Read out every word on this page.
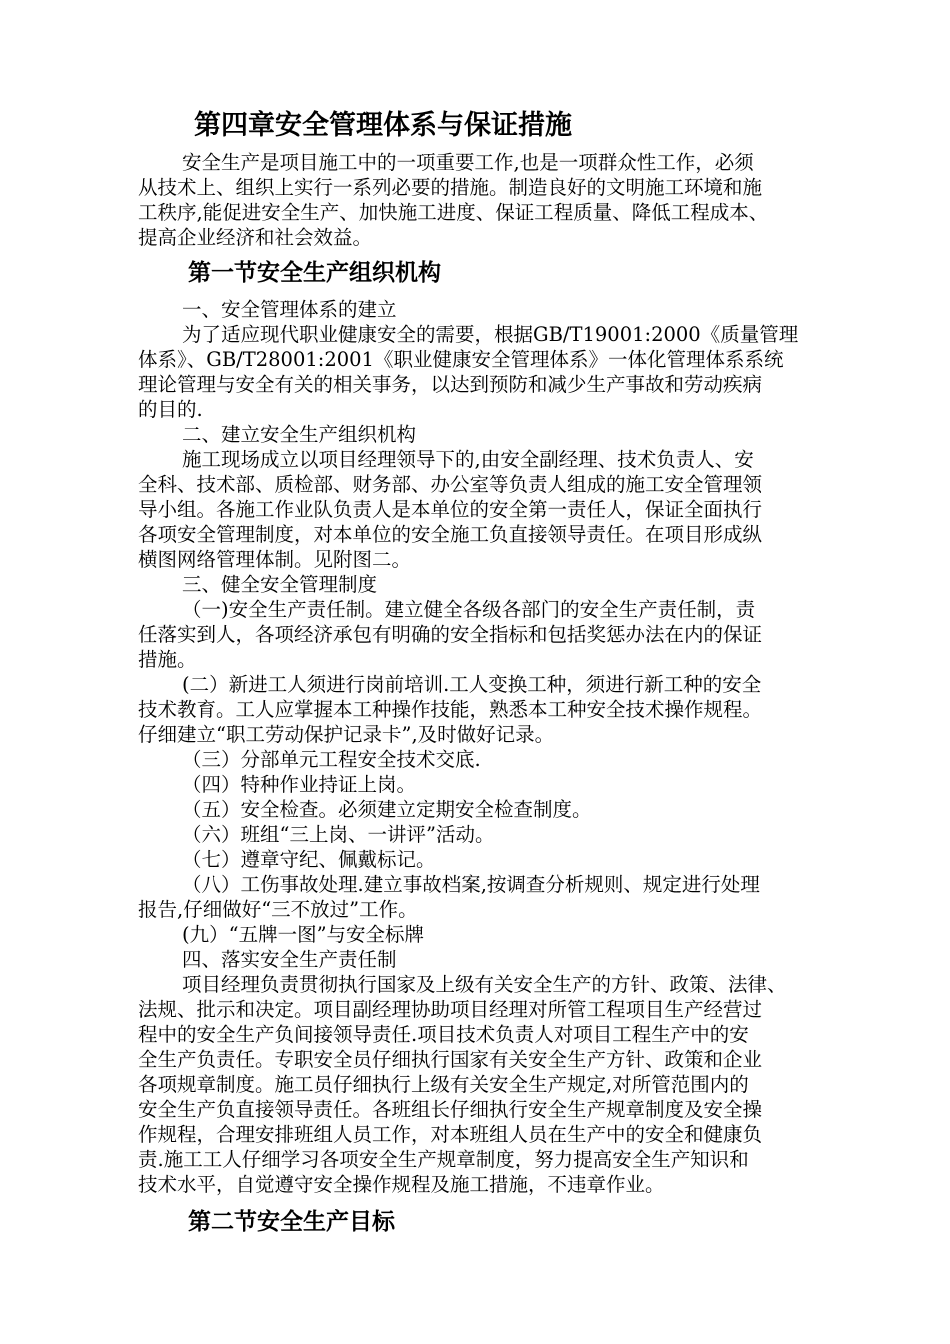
第四章安全管理体系与保证措施

安全生产是项目施工中的一项重要工作,也是一项群众性工作，必须

从技术上、组织上实行一系列必要的措施。制造良好的文明施工环境和施

工秩序,能促进安全生产、加快施工进度、保证工程质量、降低工程成本、

提高企业经济和社会效益。

第一节安全生产组织机构

一、安全管理体系的建立

为了适应现代职业健康安全的需要，根据GB/T19001:2000《质量管理

体系》、GB/T28001:2001《职业健康安全管理体系》一体化管理体系系统

理论管理与安全有关的相关事务，以达到预防和减少生产事故和劳动疾病

的目的.

二、建立安全生产组织机构

施工现场成立以项目经理领导下的,由安全副经理、技术负责人、安

全科、技术部、质检部、财务部、办公室等负责人组成的施工安全管理领

导小组。各施工作业队负责人是本单位的安全第一责任人，保证全面执行

各项安全管理制度，对本单位的安全施工负直接领导责任。在项目形成纵

横图网络管理体制。见附图二。

三、健全安全管理制度

（一)安全生产责任制。建立健全各级各部门的安全生产责任制，责

任落实到人，各项经济承包有明确的安全指标和包括奖惩办法在内的保证

措施。

(二）新进工人须进行岗前培训.工人变换工种，须进行新工种的安全

技术教育。工人应掌握本工种操作技能，熟悉本工种安全技术操作规程。

仔细建立“职工劳动保护记录卡”,及时做好记录。

（三）分部单元工程安全技术交底.

（四）特种作业持证上岗。

（五）安全检查。必须建立定期安全检查制度。

（六）班组“三上岗、一讲评”活动。

（七）遵章守纪、佩戴标记。

（八）工伤事故处理.建立事故档案,按调查分析规则、规定进行处理

报告,仔细做好“三不放过”工作。

(九）“五牌一图”与安全标牌

四、落实安全生产责任制

项目经理负责贯彻执行国家及上级有关安全生产的方针、政策、法律、

法规、批示和决定。项目副经理协助项目经理对所管工程项目生产经营过

程中的安全生产负间接领导责任.项目技术负责人对项目工程生产中的安

全生产负责任。专职安全员仔细执行国家有关安全生产方针、政策和企业

各项规章制度。施工员仔细执行上级有关安全生产规定,对所管范围内的

安全生产负直接领导责任。各班组长仔细执行安全生产规章制度及安全操

作规程，合理安排班组人员工作，对本班组人员在生产中的安全和健康负

责.施工工人仔细学习各项安全生产规章制度，努力提高安全生产知识和

技术水平，自觉遵守安全操作规程及施工措施，不违章作业。

第二节安全生产目标
